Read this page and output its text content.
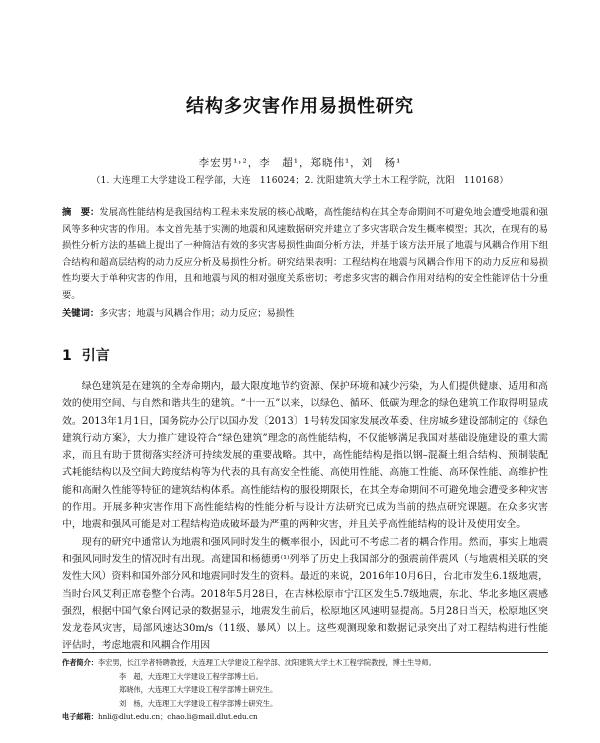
结构多灾害作用易损性研究
李宏男¹˒²，李　超¹，郑晓伟¹，刘　杨¹
（1. 大连理工大学建设工程学部，大连　116024；2. 沈阳建筑大学土木工程学院，沈阳　110168）
摘　要：发展高性能结构是我国结构工程未来发展的核心战略，高性能结构在其全寿命期间不可避免地会遭受地震和强风等多种灾害的作用。本文首先基于实测的地震和风速数据研究并建立了多灾害联合发生概率模型；其次，在现有的易损性分析方法的基础上提出了一种简洁有效的多灾害易损性曲面分析方法，并基于该方法开展了地震与风耦合作用下组合结构和超高层结构的动力反应分析及易损性分析。研究结果表明：工程结构在地震与风耦合作用下的动力反应和易损性均要大于单种灾害的作用，且和地震与风的相对强度关系密切；考虑多灾害的耦合作用对结构的安全性能评估十分重要。
关键词：多灾害；地震与风耦合作用；动力反应；易损性
1 引言

绿色建筑是在建筑的全寿命期内，最大限度地节约资源、保护环境和减少污染，为人们提供健康、适用和高效的使用空间、与自然和谐共生的建筑。“十一五”以来，以绿色、循环、低碳为理念的绿色建筑工作取得明显成效。2013年1月1日，国务院办公厅以国办发〔2013〕1号转发国家发展改革委、住房城乡建设部制定的《绿色建筑行动方案》，大力推广建设符合“绿色建筑”理念的高性能结构，不仅能够满足我国对基础设施建设的重大需求，而且有助于贯彻落实经济可持续发展的重要战略。其中，高性能结构是指以钢–混凝土组合结构、预制装配式耗能结构以及空间大跨度结构等为代表的具有高安全性能、高使用性能、高施工性能、高环保性能、高维护性能和高耐久性能等特征的建筑结构体系。高性能结构的服役期限长，在其全寿命期间不可避免地会遭受多种灾害的作用。开展多种灾害作用下高性能结构的性能分析与设计方法研究已成为当前的热点研究课题。在众多灾害中，地震和强风可能是对工程结构造成破坏最为严重的两种灾害，并且关乎高性能结构的设计及使用安全。

现有的研究中通常认为地震和强风同时发生的概率很小，因此可不考虑二者的耦合作用。然而，事实上地震和强风同时发生的情况时有出现。高建国和杨德勇⁽¹⁾列举了历史上我国部分的强震前伴震风（与地震相关联的突发性大风）资料和国外部分风和地震同时发生的资料。最近的来说，2016年10月6日，台北市发生6.1级地震，当时台风艾利正席卷整个台湾。2018年5月28日，在吉林松原市宁江区发生5.7级地震，东北、华北多地区震感强烈，根据中国气象台网记录的数据显示，地震发生前后，松原地区风速明显提高。5月28日当天，松原地区突发龙卷风灾害，局部风速达30m/s（11级、暴风）以上。这些观测现象和数据记录突出了对工程结构进行性能评估时，考虑地震和风耦合作用因

作者简介：李宏男，长江学者特聘教授，大连理工大学建设工程学部、沈阳建筑大学土木工程学院教授，博士生导师。
李　超，大连理工大学建设工程学部博士后。
郑晓伟，大连理工大学建设工程学部博士研究生。
刘　杨，大连理工大学建设工程学部博士研究生。
电子邮箱：hnli@dlut.edu.cn；chao.li@mail.dlut.edu.cn
